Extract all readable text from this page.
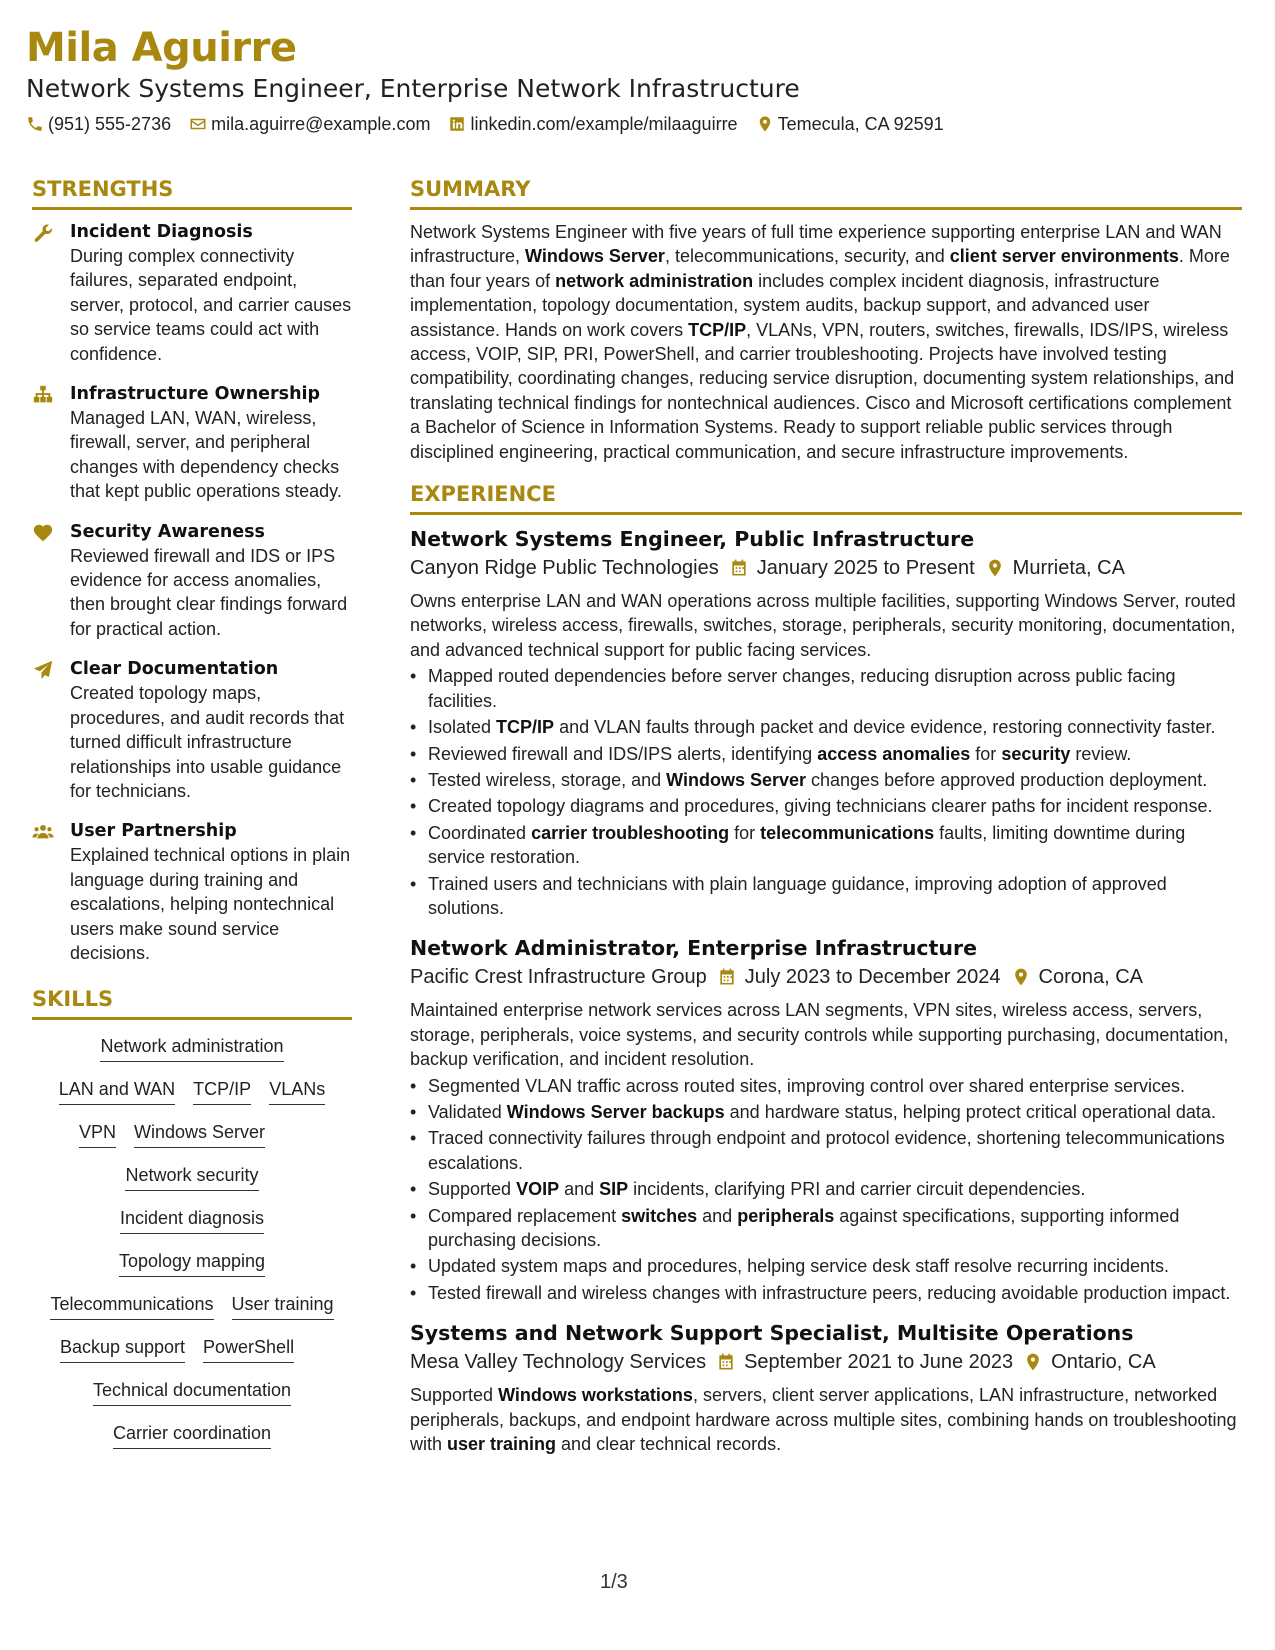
Mila Aguirre
Network Systems Engineer, Enterprise Network Infrastructure
(951) 555-2736 mila.aguirre@example.com linkedin.com/example/milaaguirre Temecula, CA 92591
STRENGTHS
Incident Diagnosis
During complex connectivity failures, separated endpoint, server, protocol, and carrier causes so service teams could act with confidence.
Infrastructure Ownership
Managed LAN, WAN, wireless, firewall, server, and peripheral changes with dependency checks that kept public operations steady.
Security Awareness
Reviewed firewall and IDS or IPS evidence for access anomalies, then brought clear findings forward for practical action.
Clear Documentation
Created topology maps, procedures, and audit records that turned difficult infrastructure relationships into usable guidance for technicians.
User Partnership
Explained technical options in plain language during training and escalations, helping nontechnical users make sound service decisions.
SKILLS
Network administration
LAN and WAN TCP/IP VLANs
VPN Windows Server
Network security
Incident diagnosis
Topology mapping
Telecommunications User training
Backup support PowerShell
Technical documentation
Carrier coordination
SUMMARY

Network Systems Engineer with five years of full time experience supporting enterprise LAN and WAN infrastructure, Windows Server, telecommunications, security, and client server environments. More than four years of network administration includes complex incident diagnosis, infrastructure implementation, topology documentation, system audits, backup support, and advanced user assistance. Hands on work covers TCP/IP, VLANs, VPN, routers, switches, firewalls, IDS/IPS, wireless access, VOIP, SIP, PRI, PowerShell, and carrier troubleshooting. Projects have involved testing compatibility, coordinating changes, reducing service disruption, documenting system relationships, and translating technical findings for nontechnical audiences. Cisco and Microsoft certifications complement a Bachelor of Science in Information Systems. Ready to support reliable public services through disciplined engineering, practical communication, and secure infrastructure improvements.

EXPERIENCE
Network Systems Engineer, Public Infrastructure
Canyon Ridge Public Technologies January 2025 to Present Murrieta, CA

Owns enterprise LAN and WAN operations across multiple facilities, supporting Windows Server, routed networks, wireless access, firewalls, switches, storage, peripherals, security monitoring, documentation, and advanced technical support for public facing services.

• Mapped routed dependencies before server changes, reducing disruption across public facing facilities.
• Isolated TCP/IP and VLAN faults through packet and device evidence, restoring connectivity faster.
• Reviewed firewall and IDS/IPS alerts, identifying access anomalies for security review.
• Tested wireless, storage, and Windows Server changes before approved production deployment.
• Created topology diagrams and procedures, giving technicians clearer paths for incident response.
• Coordinated carrier troubleshooting for telecommunications faults, limiting downtime during service restoration.
• Trained users and technicians with plain language guidance, improving adoption of approved solutions.
Network Administrator, Enterprise Infrastructure
Pacific Crest Infrastructure Group July 2023 to December 2024 Corona, CA

Maintained enterprise network services across LAN segments, VPN sites, wireless access, servers, storage, peripherals, voice systems, and security controls while supporting purchasing, documentation, backup verification, and incident resolution.

• Segmented VLAN traffic across routed sites, improving control over shared enterprise services.
• Validated Windows Server backups and hardware status, helping protect critical operational data.
• Traced connectivity failures through endpoint and protocol evidence, shortening telecommunications escalations.
• Supported VOIP and SIP incidents, clarifying PRI and carrier circuit dependencies.
• Compared replacement switches and peripherals against specifications, supporting informed purchasing decisions.
• Updated system maps and procedures, helping service desk staff resolve recurring incidents.
• Tested firewall and wireless changes with infrastructure peers, reducing avoidable production impact.
Systems and Network Support Specialist, Multisite Operations
Mesa Valley Technology Services September 2021 to June 2023 Ontario, CA

Supported Windows workstations, servers, client server applications, LAN infrastructure, networked peripherals, backups, and endpoint hardware across multiple sites, combining hands on troubleshooting with user training and clear technical records.

1/3
